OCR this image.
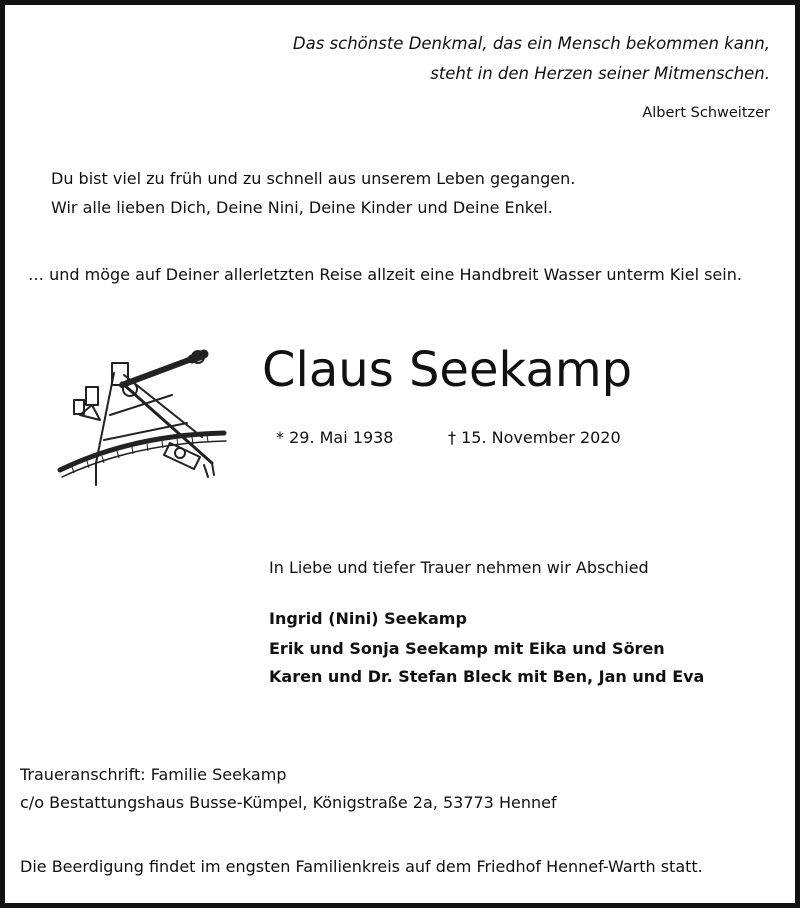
Das schönste Denkmal, das ein Mensch bekommen kann,
steht in den Herzen seiner Mitmenschen.
Albert Schweitzer
Du bist viel zu früh und zu schnell aus unserem Leben gegangen.
Wir alle lieben Dich, Deine Nini, Deine Kinder und Deine Enkel.
… und möge auf Deiner allerletzten Reise allzeit eine Handbreit Wasser unterm Kiel sein.
Claus Seekamp
* 29. Mai 1938	† 15. November 2020
In Liebe und tiefer Trauer nehmen wir Abschied
Ingrid (Nini) Seekamp
Erik und Sonja Seekamp mit Eika und Sören
Karen und Dr. Stefan Bleck mit Ben, Jan und Eva
Traueranschrift: Familie Seekamp
c/o Bestattungshaus Busse-Kümpel, Königstraße 2a, 53773 Hennef
Die Beerdigung findet im engsten Familienkreis auf dem Friedhof Hennef-Warth statt.
